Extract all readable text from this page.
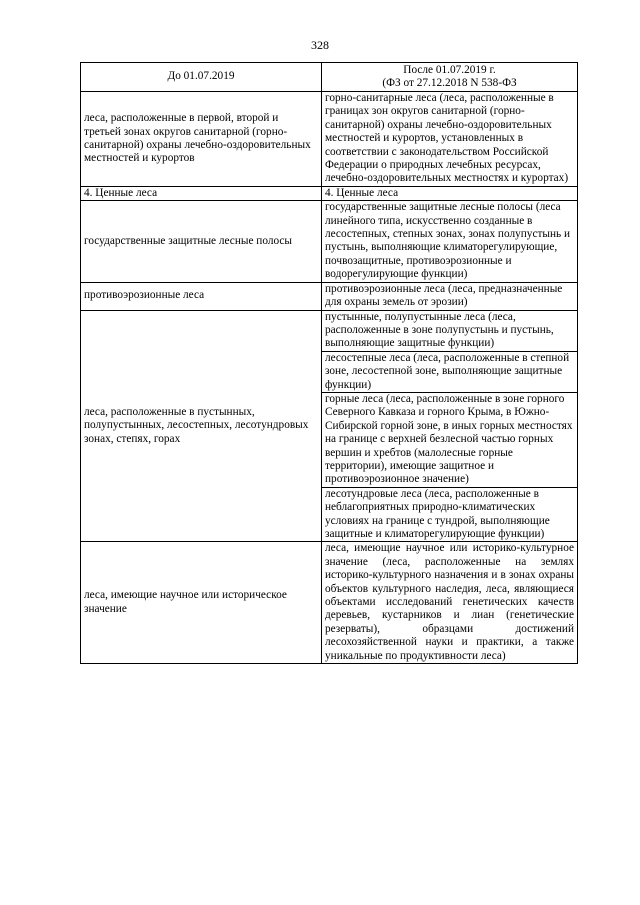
328
До 01.07.2019	После 01.07.2019 г.
(ФЗ от 27.12.2018 N 538-ФЗ

леса, расположенные в первой, второй и третьей зонах округов санитарной (горно-санитарной) охраны лечебно-оздоровительных местностей и курортов	горно-санитарные леса (леса, расположенные в границах зон округов санитарной (горно-санитарной) охраны лечебно-оздоровительных местностей и курортов, установленных в соответствии с законодательством Российской Федерации о природных лечебных ресурсах, лечебно-оздоровительных местностях и курортах)
4. Ценные леса	4. Ценные леса
государственные защитные лесные полосы	государственные защитные лесные полосы (леса линейного типа, искусственно созданные в лесостепных, степных зонах, зонах полупустынь и пустынь, выполняющие климаторегулирующие, почвозащитные, противоэрозионные и водорегулирующие функции)
противоэрозионные леса	противоэрозионные леса (леса, предназначенные для охраны земель от эрозии)
леса, расположенные в пустынных, полупустынных, лесостепных, лесотундровых зонах, степях, горах	пустынные, полупустынные леса (леса, расположенные в зоне полупустынь и пустынь, выполняющие защитные функции)
	лесостепные леса (леса, расположенные в степной зоне, лесостепной зоне, выполняющие защитные функции)
	горные леса (леса, расположенные в зоне горного Северного Кавказа и горного Крыма, в Южно-Сибирской горной зоне, в иных горных местностях на границе с верхней безлесной частью горных вершин и хребтов (малолесные горные территории), имеющие защитное и противоэрозионное значение)
	лесотундровые леса (леса, расположенные в неблагоприятных природно-климатических условиях на границе с тундрой, выполняющие защитные и климаторегулирующие функции)
леса, имеющие научное или историческое значение	леса, имеющие научное или историко-культурное значение (леса, расположенные на землях историко-культурного назначения и в зонах охраны объектов культурного наследия, леса, являющиеся объектами исследований генетических качеств деревьев, кустарников и лиан (генетические резерваты), образцами достижений лесохозяйственной науки и практики, а также уникальные по продуктивности леса)
